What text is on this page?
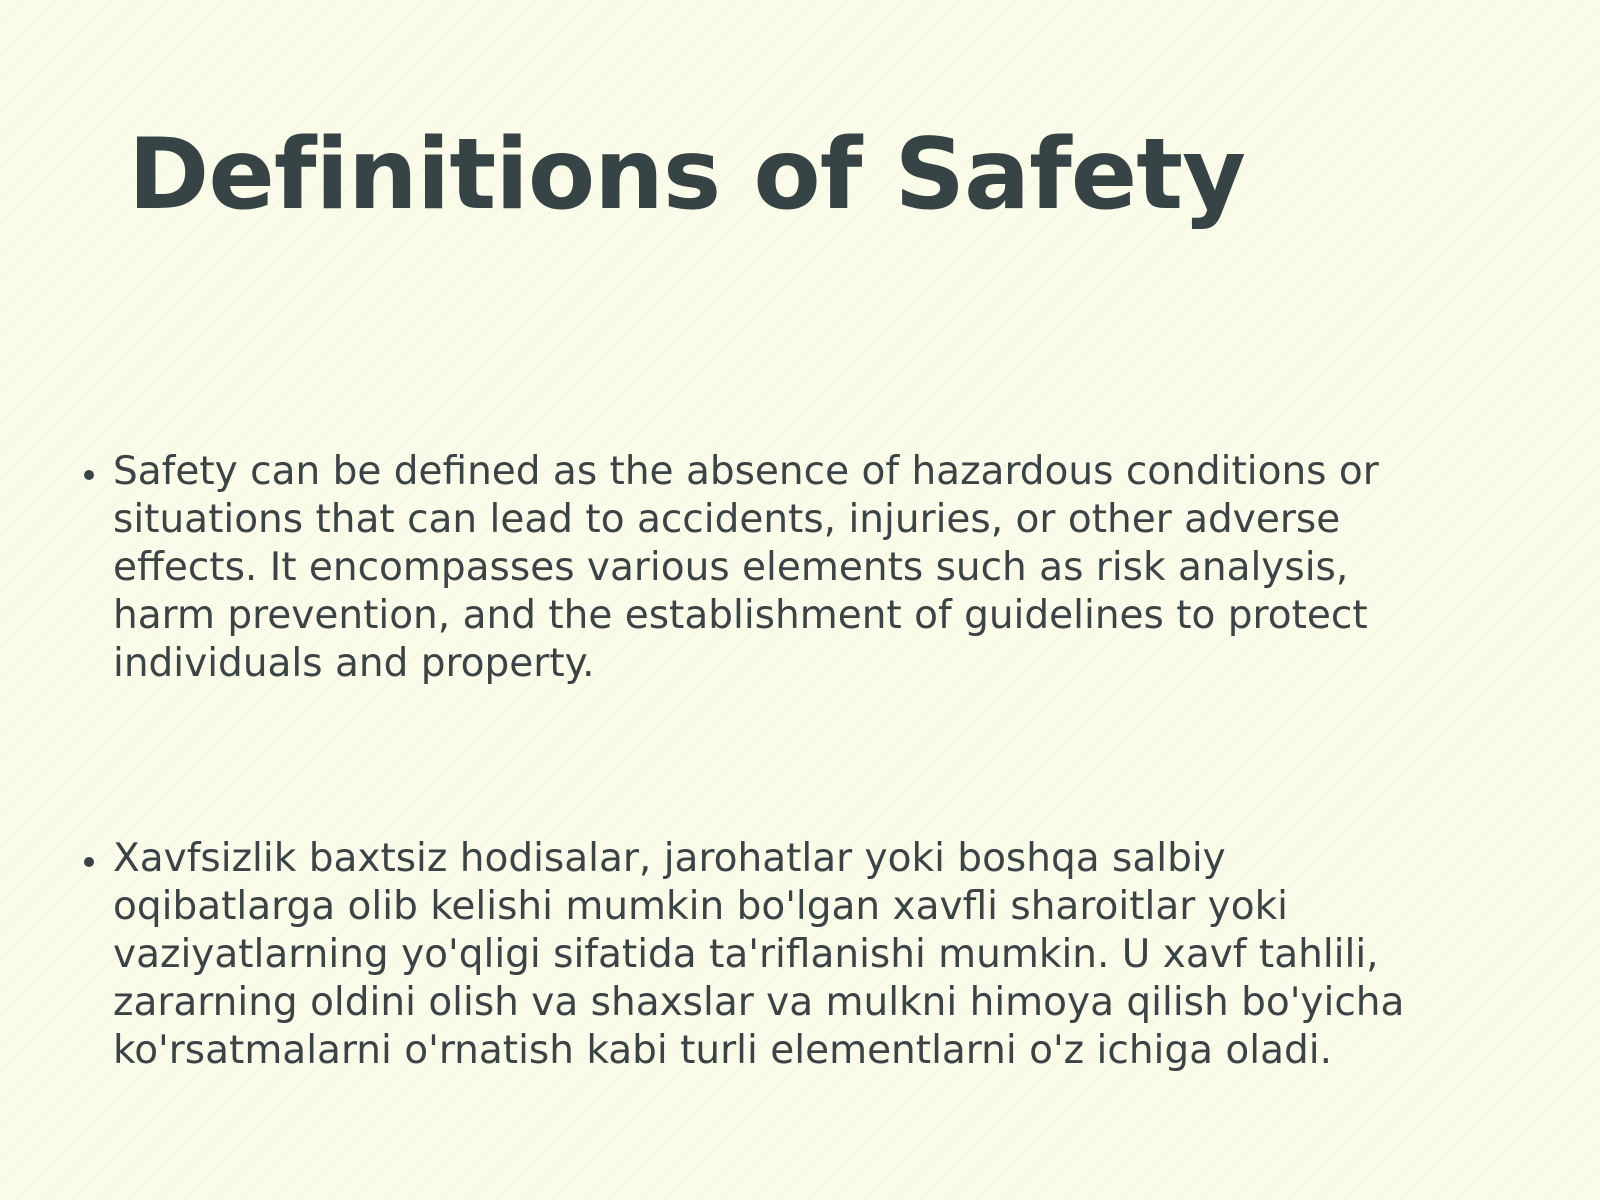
Definitions of Safety
Safety can be defined as the absence of hazardous conditions or situations that can lead to accidents, injuries, or other adverse effects. It encompasses various elements such as risk analysis, harm prevention, and the establishment of guidelines to protect individuals and property.
Xavfsizlik baxtsiz hodisalar, jarohatlar yoki boshqa salbiy oqibatlarga olib kelishi mumkin bo'lgan xavfli sharoitlar yoki vaziyatlarning yo'qligi sifatida ta'riflanishi mumkin. U xavf tahlili, zararning oldini olish va shaxslar va mulkni himoya qilish bo'yicha ko'rsatmalarni o'rnatish kabi turli elementlarni o'z ichiga oladi.
